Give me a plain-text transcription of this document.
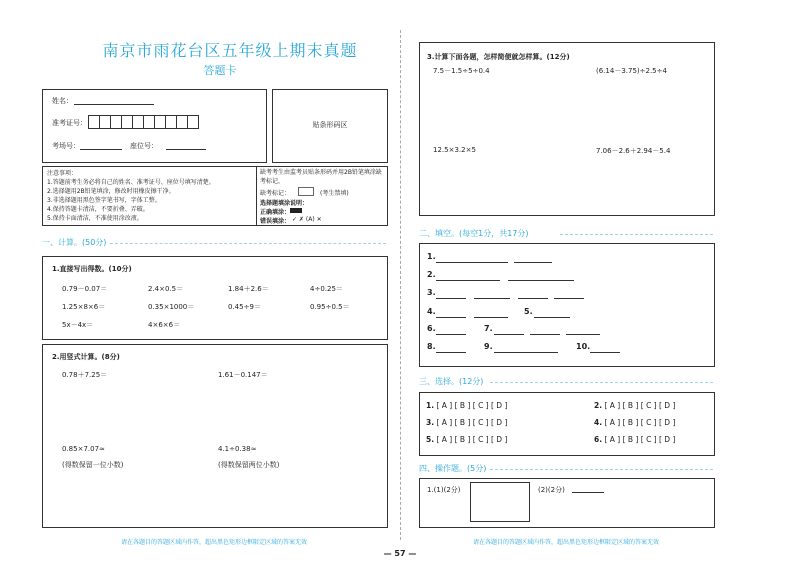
南京市雨花台区五年级上期末真题
答题卡
姓名：
准考证号：
考场号：	座位号：
贴条形码区
注意事项：
1.答题前考生务必将自己的姓名、准考证号、座位号填写清楚。
2.选择题用2B铅笔填涂，修改时用橡皮擦干净。
3.非选择题用黑色签字笔书写，字体工整。
4.保持答题卡清洁，不要折叠、弄破。
5.保持卡面清洁，不准使用涂改液。
缺考考生由监考员贴条形码并用2B铅笔填涂缺考标记，
缺考标记：	(考生禁填)
选择题填涂说明：
正确填涂：
错误填涂： ✓ ✗ (A) ✕
一、计算。(50分)
1.直接写出得数。(10分)
0.79－0.07＝	2.4×0.5＝	1.84＋2.6＝	4÷0.25＝
1.25×8×6＝	0.35×1000＝	0.45÷9＝	0.95÷0.5＝
5x－4x＝	4×6×6＝
2.用竖式计算。(8分)
0.78＋7.25＝	1.61－0.147＝
0.85×7.07≈	4.1÷0.38≈
(得数保留一位小数)	(得数保留两位小数)
请在各题目的答题区域内作答，超出黑色矩形边框限定区域的答案无效
— 57 —
3.计算下面各题，怎样简便就怎样算。(12分)
7.5－1.5÷5÷0.4	(6.14－3.75)÷2.5÷4
12.5×3.2×5	7.06－2.6＋2.94－5.4
二、填空。(每空1分，共17分)
1.
2.
3.
4.	5.
6.	7.
8.	9.	10.
三、选择。(12分)
1. [ A ] [ B ] [ C ] [ D ]	2. [ A ] [ B ] [ C ] [ D ]
3. [ A ] [ B ] [ C ] [ D ]	4. [ A ] [ B ] [ C ] [ D ]
5. [ A ] [ B ] [ C ] [ D ]	6. [ A ] [ B ] [ C ] [ D ]
四、操作题。(5分)
1.(1)(2分)	(2)(2分)
请在各题目的答题区域内作答，超出黑色矩形边框限定区域的答案无效
